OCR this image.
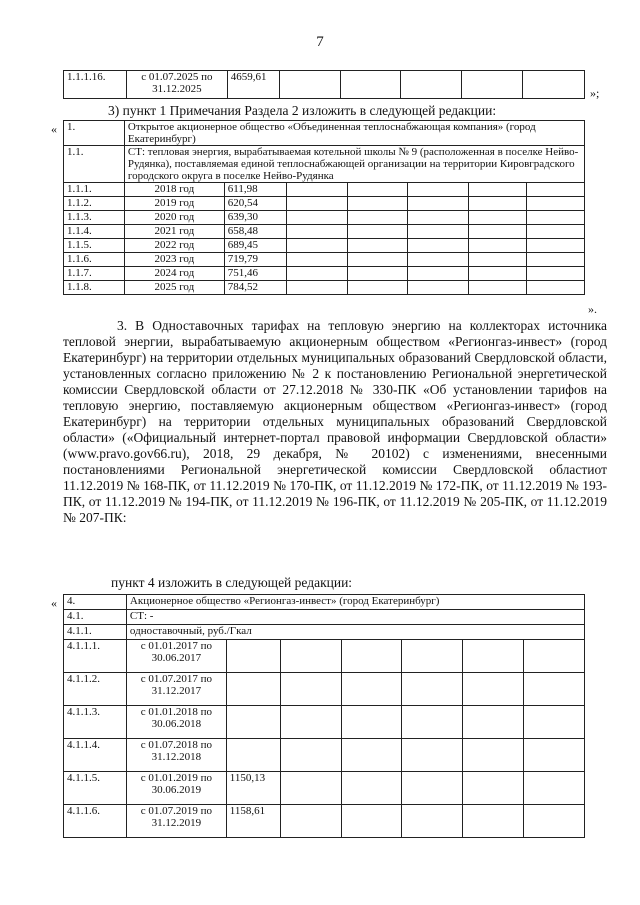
7
1.1.1.16.	с 01.07.2025 по 31.12.2025	4659,61					
»;
3) пункт 1 Примечания Раздела 2 изложить в следующей редакции:
« 1.	Открытое акционерное общество «Объединенная теплоснабжающая компания» (город Екатеринбург)						
1.1.	СТ: тепловая энергия, вырабатываемая котельной школы № 9 (расположенная в поселке Нейво-Рудянка), поставляемая единой теплоснабжающей организации на территории Кировградского городского округа в поселке Нейво-Рудянка						
1.1.1.	2018 год	611,98					
1.1.2.	2019 год	620,54					
1.1.3.	2020 год	639,30					
1.1.4.	2021 год	658,48					
1.1.5.	2022 год	689,45					
1.1.6.	2023 год	719,79					
1.1.7.	2024 год	751,46					
1.1.8.	2025 год	784,52					
».

3. В Одноставочных тарифах на тепловую энергию на коллекторах источника тепловой энергии, вырабатываемую акционерным обществом «Регионгаз-инвест» (город Екатеринбург) на территории отдельных муниципальных образований Свердловской области, установленных согласно приложению № 2 к постановлению Региональной энергетической комиссии Свердловской области от 27.12.2018 № 330-ПК «Об установлении тарифов на тепловую энергию, поставляемую акционерным обществом «Регионгаз-инвест» (город Екатеринбург) на территории отдельных муниципальных образований Свердловской области» («Официальный интернет-портал правовой информации Свердловской области» (www.pravo.gov66.ru), 2018, 29 декабря, № 20102) с изменениями, внесенными постановлениями Региональной энергетической комиссии Свердловской областиот 11.12.2019 № 168-ПК, от 11.12.2019 № 170-ПК, от 11.12.2019 № 172-ПК, от 11.12.2019 № 193-ПК, от 11.12.2019 № 194-ПК, от 11.12.2019 № 196-ПК, от 11.12.2019 № 205-ПК, от 11.12.2019 № 207-ПК:

пункт 4 изложить в следующей редакции:
« 4.	Акционерное общество «Регионгаз-инвест» (город Екатеринбург)						
4.1.	СТ: -						
4.1.1.	одноставочный, руб./Гкал						
4.1.1.1.	с 01.01.2017 по 30.06.2017						
4.1.1.2.	с 01.07.2017 по 31.12.2017						
4.1.1.3.	с 01.01.2018 по 30.06.2018						
4.1.1.4.	с 01.07.2018 по 31.12.2018						
4.1.1.5.	с 01.01.2019 по 30.06.2019	1150,13					
4.1.1.6.	с 01.07.2019 по 31.12.2019	1158,61					
